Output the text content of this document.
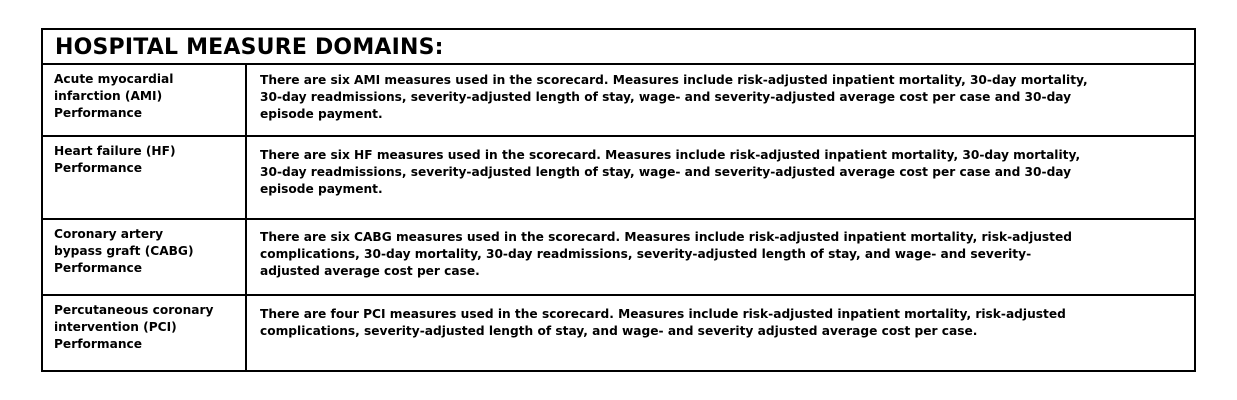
HOSPITAL MEASURE DOMAINS:
Acute myocardial
infarction (AMI)
Performance
There are six AMI measures used in the scorecard. Measures include risk-adjusted inpatient mortality, 30-day mortality,
30-day readmissions, severity-adjusted length of stay, wage- and severity-adjusted average cost per case and 30-day
episode payment.
Heart failure (HF)
Performance
There are six HF measures used in the scorecard. Measures include risk-adjusted inpatient mortality, 30-day mortality,
30-day readmissions, severity-adjusted length of stay, wage- and severity-adjusted average cost per case and 30-day
episode payment.
Coronary artery
bypass graft (CABG)
Performance
There are six CABG measures used in the scorecard. Measures include risk-adjusted inpatient mortality, risk-adjusted
complications, 30-day mortality, 30-day readmissions, severity-adjusted length of stay, and wage- and severity-
adjusted average cost per case.
Percutaneous coronary
intervention (PCI)
Performance
There are four PCI measures used in the scorecard. Measures include risk-adjusted inpatient mortality, risk-adjusted
complications, severity-adjusted length of stay, and wage- and severity adjusted average cost per case.
